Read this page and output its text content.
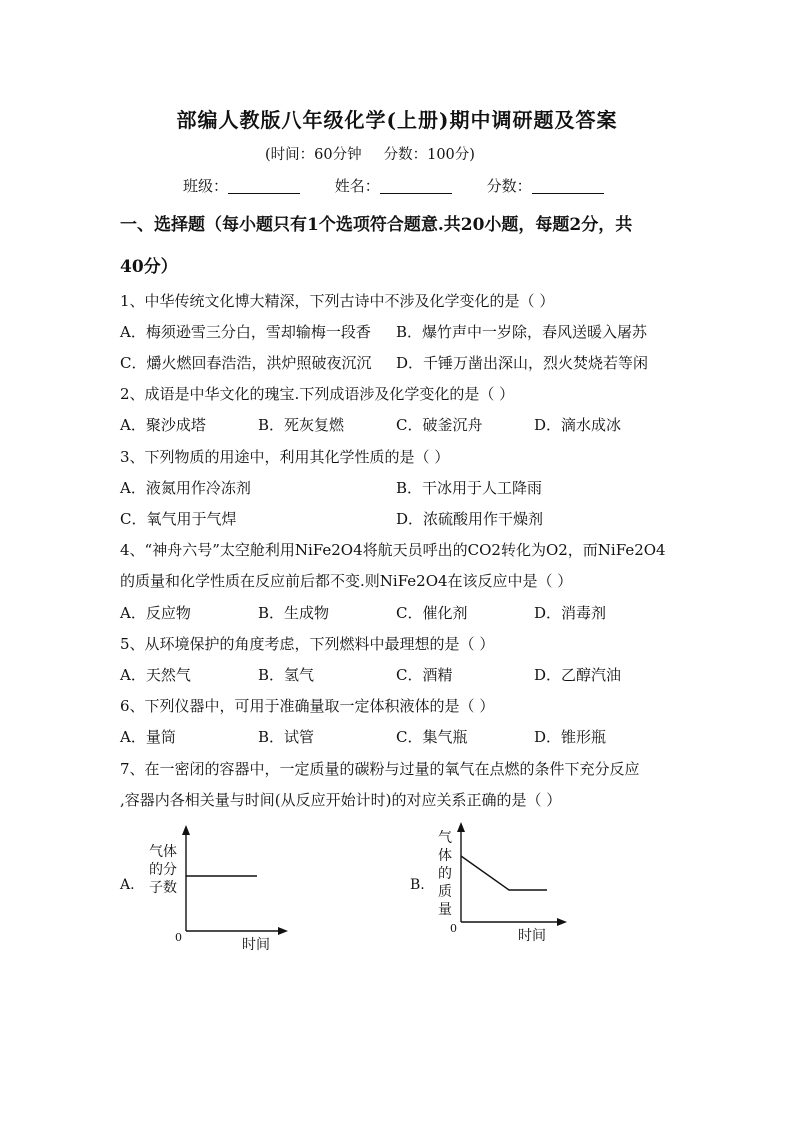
部编人教版八年级化学(上册)期中调研题及答案
(时间：60分钟 分数：100分)
班级：	姓名：	分数：
一、选择题（每小题只有1个选项符合题意.共20小题，每题2分，共
40分）
1、中华传统文化博大精深，下列古诗中不涉及化学变化的是（ ）
A．梅须逊雪三分白，雪却输梅一段香 B．爆竹声中一岁除，春风送暖入屠苏
C．爝火燃回春浩浩，洪炉照破夜沉沉 D．千锤万凿出深山，烈火焚烧若等闲
2、成语是中华文化的瑰宝.下列成语涉及化学变化的是（ ）
A．聚沙成塔	B．死灰复燃	C．破釜沉舟	D．滴水成冰
3、下列物质的用途中，利用其化学性质的是（ ）
A．液氮用作冷冻剂	B．干冰用于人工降雨
C．氧气用于气焊	D．浓硫酸用作干燥剂
4、“神舟六号”太空舱利用NiFe2O4将航天员呼出的CO2转化为O2，而NiFe2O4
的质量和化学性质在反应前后都不变.则NiFe2O4在该反应中是（ ）
A．反应物	B．生成物	C．催化剂	D．消毒剂
5、从环境保护的角度考虑，下列燃料中最理想的是（ ）
A．天然气	B．氢气	C．酒精	D．乙醇汽油
6、下列仪器中，可用于准确量取一定体积液体的是（ ）
A．量筒	B．试管	C．集气瓶	D．锥形瓶
7、在一密闭的容器中，一定质量的碳粉与过量的氧气在点燃的条件下充分反应
,容器内各相关量与时间(从反应开始计时)的对应关系正确的是（ ）
A.
气体
的分
子数
0	时间
B.
气
体
的
质
量
0	时间
